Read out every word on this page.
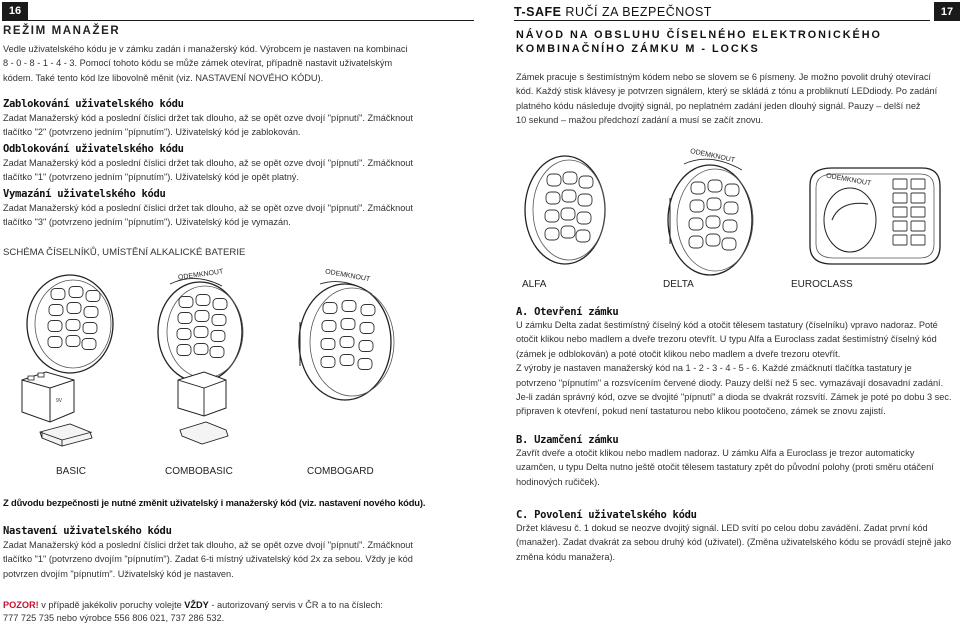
16
REŽIM MANAŽER
Vedle uživatelského kódu je v zámku zadán i manažerský kód. Výrobcem je nastaven na kombinaci
8 - 0 - 8 - 1 - 4 - 3. Pomocí tohoto kódu se může zámek otevírat, případně nastavit uživatelským
kódem. Také tento kód lze libovolně měnit (viz. NASTAVENÍ NOVÉHO KÓDU).
Zablokování uživatelského kódu
Zadat Manažerský kód a poslední číslici držet tak dlouho, až se opět ozve dvojí "pípnutí". Zmáčknout
tlačítko "2" (potvrzeno jedním "pípnutím"). Uživatelský kód je zablokován.
Odblokování uživatelského kódu
Zadat Manažerský kód a poslední číslici držet tak dlouho, až se opět ozve dvojí "pípnutí". Zmáčknout
tlačítko "1" (potvrzeno jedním "pípnutím"). Uživatelský kód je opět platný.
Vymazání uživatelského kódu
Zadat Manažerský kód a poslední číslici držet tak dlouho, až se opět ozve dvojí "pípnutí". Zmáčknout
tlačítko "3" (potvrzeno jedním "pípnutím"). Uživatelský kód je vymazán.
SCHÉMA ČÍSELNÍKŮ, UMÍSTĚNÍ ALKALICKÉ BATERIE
9V
ODEMKNOUT	ODEMKNOUT
BASIC	COMBOBASIC	COMBOGARD
Z důvodu bezpečnosti je nutné změnit uživatelský i manažerský kód (viz. nastavení nového kódu).
Nastavení uživatelského kódu
Zadat Manažerský kód a poslední číslici držet tak dlouho, až se opět ozve dvojí "pípnutí". Zmáčknout
tlačítko "1" (potvrzeno dvojím "pípnutím"). Zadat 6-ti místný uživatelský kód 2x za sebou. Vždy je kód
potvrzen dvojím "pípnutím". Uživatelský kód je nastaven.
POZOR! v případě jakékoliv poruchy volejte VŽDY - autorizovaný servis v ČR a to na číslech:
777 725 735 nebo výrobce 556 806 021, 737 286 532.
T-SAFE RUČÍ ZA BEZPEČNOST	17
NÁVOD NA OBSLUHU ČÍSELNÉHO ELEKTRONICKÉHO
KOMBINAČNÍHO ZÁMKU M - LOCKS
Zámek pracuje s šestimístným kódem nebo se slovem se 6 písmeny. Je možno povolit druhý otevírací
kód. Každý stisk klávesy je potvrzen signálem, který se skládá z tónu a probliknutí LEDdiody. Po zadání
platného kódu následuje dvojitý signál, po neplatném zadání jeden dlouhý signál. Pauzy – delší než
10 sekund – mažou předchozí zadání a musí se začít znovu.
ODEMKNOUT
ODEMKNOUT
ALFA	DELTA	EUROCLASS
A. Otevření zámku
U zámku Delta zadat šestimístný číselný kód a otočit tělesem tastatury (číselníku) vpravo nadoraz. Poté
otočit klikou nebo madlem a dveře trezoru otevřít. U typu Alfa a Euroclass zadat šestimístný číselný kód
(zámek je odblokován) a poté otočit klikou nebo madlem a dveře trezoru otevřít.
Z výroby je nastaven manažerský kód na 1 - 2 - 3 - 4 - 5 - 6. Každé zmáčknutí tlačítka tastatury je
potvrzeno "pípnutím" a rozsvícením červené diody. Pauzy delší než 5 sec. vymazávají dosavadní zadání.
Je-li zadán správný kód, ozve se dvojité "pípnutí" a dioda se dvakrát rozsvítí. Zámek je poté po dobu 3 sec.
připraven k otevření, pokud není tastaturou nebo klikou pootočeno, zámek se znovu zajistí.
B. Uzamčení zámku
Zavřít dveře a otočit klikou nebo madlem nadoraz. U zámku Alfa a Euroclass je trezor automaticky
uzamčen, u typu Delta nutno ještě otočit tělesem tastatury zpět do původní polohy (proti směru otáčení
hodinových ručiček).
C. Povolení uživatelského kódu
Držet klávesu č. 1 dokud se neozve dvojitý signál. LED svítí po celou dobu zavádění. Zadat první kód
(manažer). Zadat dvakrát za sebou druhý kód (uživatel). (Změna uživatelského kódu se provádí stejně jako
změna kódu manažera).
